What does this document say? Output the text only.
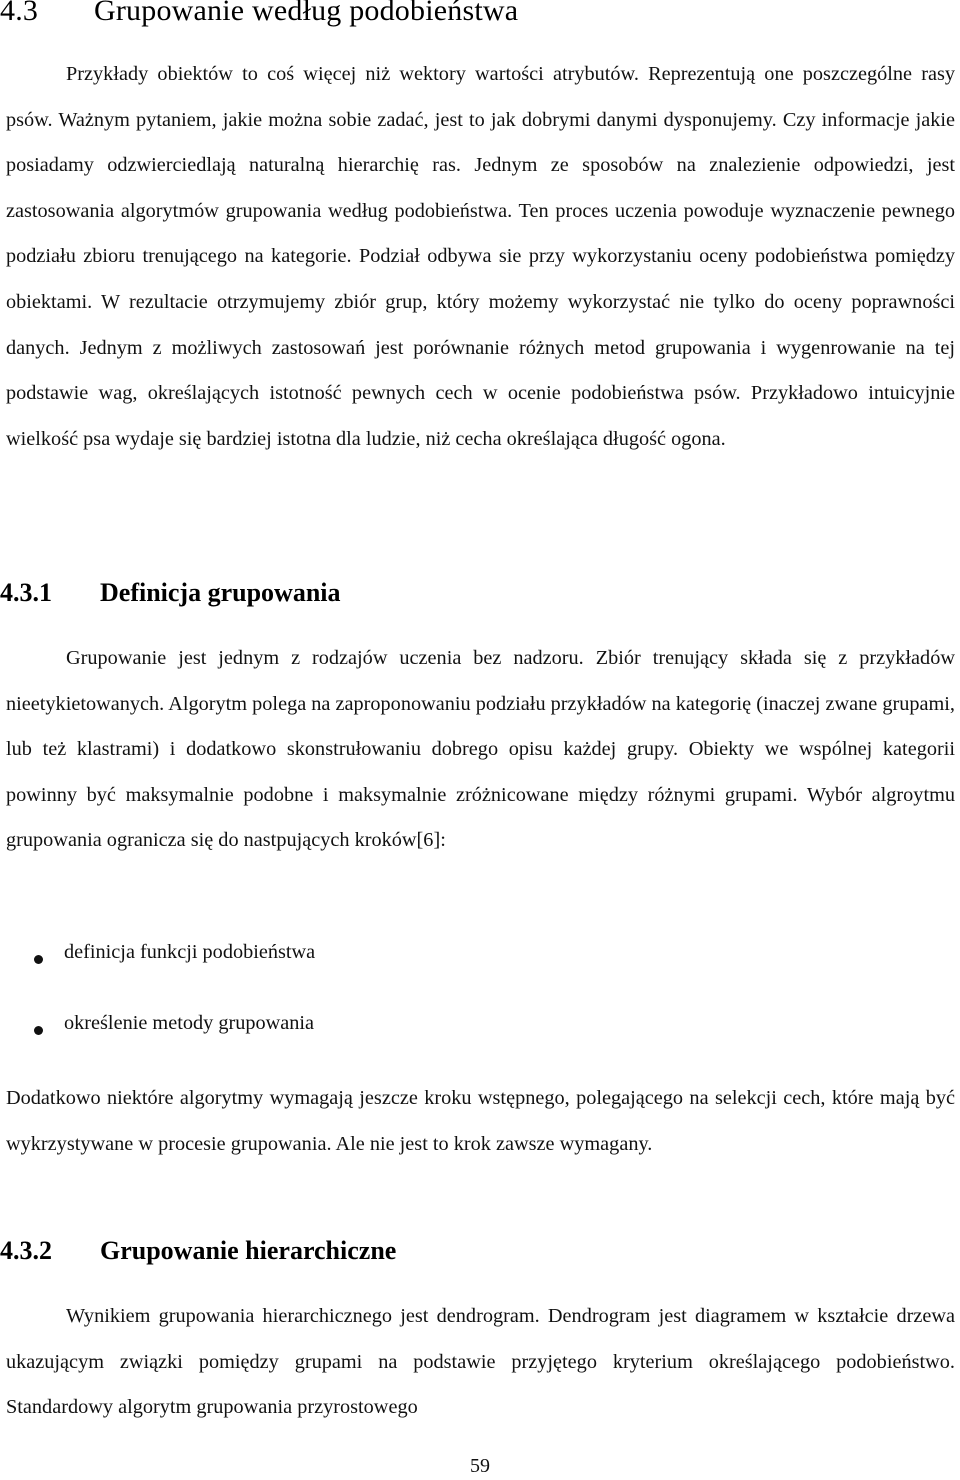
4.3 Grupowanie według podobieństwa

Przykłady obiektów to coś więcej niż wektory wartości atrybutów. Reprezentują one poszczególne rasy psów. Ważnym pytaniem, jakie można sobie zadać, jest to jak dobrymi danymi dysponujemy. Czy informacje jakie posiadamy odzwierciedlają naturalną hierarchię ras. Jednym ze sposobów na znalezienie odpowiedzi, jest zastosowania algorytmów grupowania według podobieństwa. Ten proces uczenia powoduje wyznaczenie pewnego podziału zbioru trenującego na kategorie. Podział odbywa sie przy wykorzystaniu oceny podobieństwa pomiędzy obiektami. W rezultacie otrzymujemy zbiór grup, który możemy wykorzystać nie tylko do oceny poprawności danych. Jednym z możliwych zastosowań jest porównanie różnych metod grupowania i wygenrowanie na tej podstawie wag, określających istotność pewnych cech w ocenie podobieństwa psów. Przykładowo intuicyjnie wielkość psa wydaje się bardziej istotna dla ludzie, niż cecha określająca długość ogona.

4.3.1 Definicja grupowania

Grupowanie jest jednym z rodzajów uczenia bez nadzoru. Zbiór trenujący składa się z przykładów nieetykietowanych. Algorytm polega na zaproponowaniu podziału przykładów na kategorię (inaczej zwane grupami, lub też klastrami) i dodatkowo skonstrułowaniu dobrego opisu każdej grupy. Obiekty we wspólnej kategorii powinny być maksymalnie podobne i maksymalnie zróżnicowane między różnymi grupami. Wybór algroytmu grupowania ogranicza się do nastpujących kroków[6]:

definicja funkcji podobieństwa
określenie metody grupowania

Dodatkowo niektóre algorytmy wymagają jeszcze kroku wstępnego, polegającego na selekcji cech, które mają być wykrzystywane w procesie grupowania. Ale nie jest to krok zawsze wymagany.

4.3.2 Grupowanie hierarchiczne

Wynikiem grupowania hierarchicznego jest dendrogram. Dendrogram jest diagramem w kształcie drzewa ukazującym związki pomiędzy grupami na podstawie przyjętego kryterium określającego podobieństwo. Standardowy algorytm grupowania przyrostowego

59
